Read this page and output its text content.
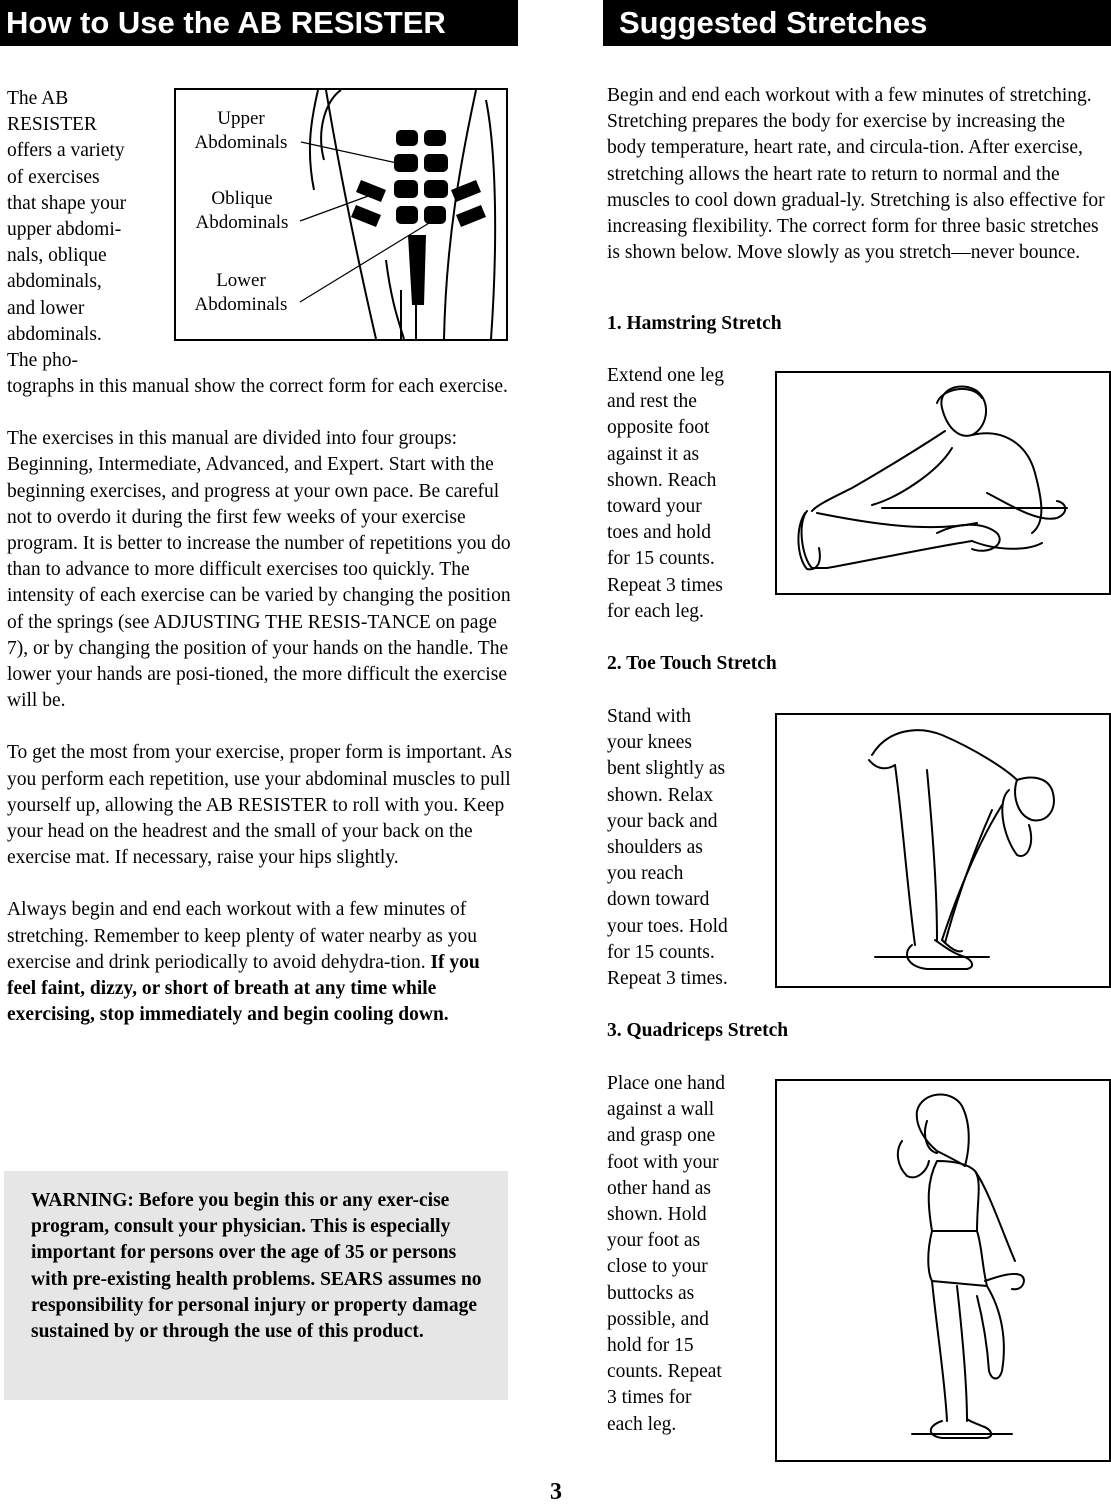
How to Use the AB RESISTER

The AB

RESISTER

offers a variety

of exercises

that shape your

upper abdomi-

nals, oblique

abdominals,

and lower

abdominals.

The pho-

Upper
Abdominals
Oblique
Abdominals
Lower
Abdominals

tographs in this manual show the correct form for each exercise.

The exercises in this manual are divided into four groups: Beginning, Intermediate, Advanced, and Expert. Start with the beginning exercises, and progress at your own pace. Be careful not to overdo it during the first few weeks of your exercise program. It is better to increase the number of repetitions you do than to advance to more difficult exercises too quickly. The intensity of each exercise can be varied by changing the position of the springs (see ADJUSTING THE RESIS-TANCE on page 7), or by changing the position of your hands on the handle. The lower your hands are posi-tioned, the more difficult the exercise will be.

To get the most from your exercise, proper form is important. As you perform each repetition, use your abdominal muscles to pull yourself up, allowing the AB RESISTER to roll with you. Keep your head on the headrest and the small of your back on the exercise mat. If necessary, raise your hips slightly.

Always begin and end each workout with a few minutes of stretching. Remember to keep plenty of water nearby as you exercise and drink periodically to avoid dehydra-tion. If you feel faint, dizzy, or short of breath at any time while exercising, stop immediately and begin cooling down.

WARNING: Before you begin this or any exer-cise program, consult your physician. This is especially important for persons over the age of 35 or persons with pre-existing health problems. SEARS assumes no responsibility for personal injury or property damage sustained by or through the use of this product.
Suggested Stretches
Begin and end each workout with a few minutes of stretching. Stretching prepares the body for exercise by increasing the body temperature, heart rate, and circula-tion. After exercise, stretching allows the heart rate to return to normal and the muscles to cool down gradual-ly. Stretching is also effective for increasing flexibility. The correct form for three basic stretches is shown below. Move slowly as you stretch—never bounce.
1. Hamstring Stretch

Extend one leg

and rest the

opposite foot

against it as

shown. Reach

toward your

toes and hold

for 15 counts.

Repeat 3 times

for each leg.

2. Toe Touch Stretch

Stand with

your knees

bent slightly as

shown. Relax

your back and

shoulders as

you reach

down toward

your toes. Hold

for 15 counts.

Repeat 3 times.

3. Quadriceps Stretch

Place one hand

against a wall

and grasp one

foot with your

other hand as

shown. Hold

your foot as

close to your

buttocks as

possible, and

hold for 15

counts. Repeat

3 times for

each leg.

3
